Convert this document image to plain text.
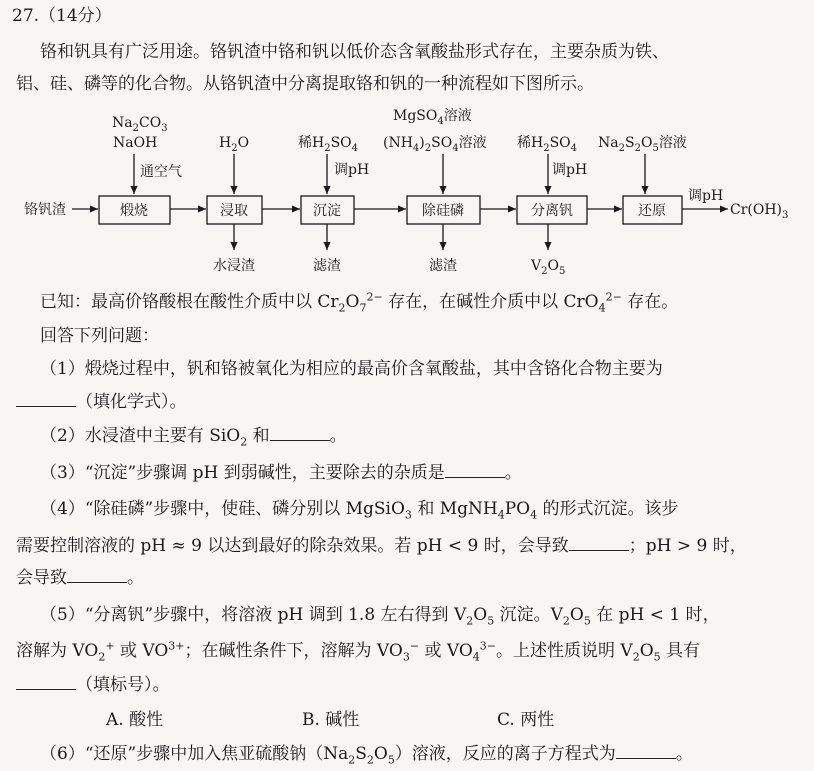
27.（14分）
铬和钒具有广泛用途。铬钒渣中铬和钒以低价态含氧酸盐形式存在，主要杂质为铁、
铝、硅、磷等的化合物。从铬钒渣中分离提取铬和钒的一种流程如下图所示。
铬钒渣	煅烧	浸取	沉淀	除硅磷	分离钒	还原	$Cr(OH)_3$
调pH
$Na_2CO_3$
NaOH
通空气
$H_2O$	稀$H_2SO_4$
调pH
MgSO$_4$溶液
$(NH_4)_2SO_4$溶液 稀$H_2SO_4$
调pH
$Na_2S_2O_5$溶液
水浸渣	滤渣	滤渣	$V_2O_5$
已知：最高价铬酸根在酸性介质中以 $Cr_2O_7^{2-}$ 存在，在碱性介质中以 CrO$_4^{2-}$ 存在。
回答下列问题：
（1）煅烧过程中，钒和铬被氧化为相应的最高价含氧酸盐，其中含铬化合物主要为
（填化学式）。
（2）水浸渣中主要有 SiO$_2$ 和	。
（3）“沉淀”步骤调 pH 到弱碱性，主要除去的杂质是	。
（4）“除硅磷”步骤中，使硅、磷分别以 MgSiO$_3$ 和 $MgNH_4PO_4$ 的形式沉淀。该步
需要控制溶液的 pH ≈ 9 以达到最好的除杂效果。若 pH < 9 时，会导致	；pH > 9 时，
会导致	。
（5）“分离钒”步骤中，将溶液 pH 调到 1.8 左右得到 $V_2O_5$ 沉淀。$V_2O_5$ 在 pH < 1 时，
溶解为 $VO_2^+$ 或 $VO^{3+}$；在碱性条件下，溶解为 $VO_3^-$ 或 $VO_4^{3-}$。上述性质说明 $V_2O_5$ 具有
（填标号）。
A. 酸性	B. 碱性	C. 两性
（6）“还原”步骤中加入焦亚硫酸钠$(Na_2S_2O_5)$溶液，反应的离子方程式为	。
